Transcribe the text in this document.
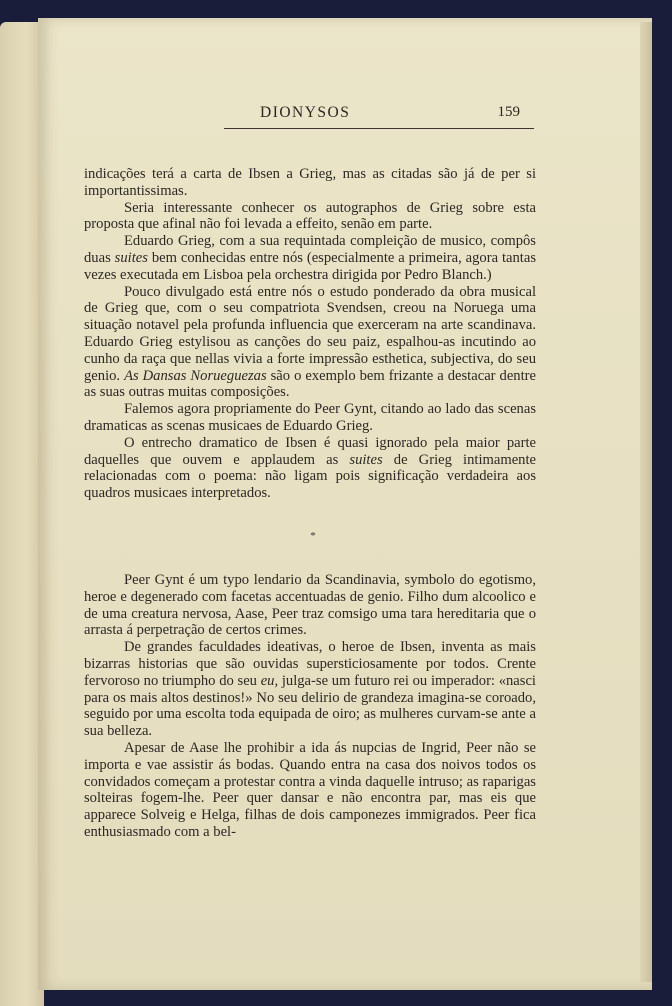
DIONYSOS	159

indicações terá a carta de Ibsen a Grieg, mas as citadas são já de per si importantissimas.

Seria interessante conhecer os autographos de Grieg sobre esta proposta que afinal não foi levada a effeito, senão em parte.

Eduardo Grieg, com a sua requintada compleição de musico, compôs duas suites bem conhecidas entre nós (especialmente a primeira, agora tantas vezes executada em Lisboa pela orchestra dirigida por Pedro Blanch.)

Pouco divulgado está entre nós o estudo ponderado da obra musical de Grieg que, com o seu compatriota Svendsen, creou na Noruega uma situação notavel pela profunda influencia que exerceram na arte scandinava. Eduardo Grieg estylisou as canções do seu paiz, espalhou-as incutindo ao cunho da raça que nellas vivia a forte impressão esthetica, subjectiva, do seu genio. As Dansas Norueguezas são o exemplo bem frizante a destacar dentre as suas outras muitas composições.

Falemos agora propriamente do Peer Gynt, citando ao lado das scenas dramaticas as scenas musicaes de Eduardo Grieg.

O entrecho dramatico de Ibsen é quasi ignorado pela maior parte daquelles que ouvem e applaudem as suites de Grieg intimamente relacionadas com o poema: não ligam pois significação verdadeira aos quadros musicaes interpretados.

*

Peer Gynt é um typo lendario da Scandinavia, symbolo do egotismo, heroe e degenerado com facetas accentuadas de genio. Filho dum alcoolico e de uma creatura nervosa, Aase, Peer traz comsigo uma tara hereditaria que o arrasta á perpetração de certos crimes.

De grandes faculdades ideativas, o heroe de Ibsen, inventa as mais bizarras historias que são ouvidas supersticiosamente por todos. Crente fervoroso no triumpho do seu eu, julga-se um futuro rei ou imperador: «nasci para os mais altos destinos!» No seu delirio de grandeza imagina-se coroado, seguido por uma escolta toda equipada de oiro; as mulheres curvam-se ante a sua belleza.

Apesar de Aase lhe prohibir a ida ás nupcias de Ingrid, Peer não se importa e vae assistir ás bodas. Quando entra na casa dos noivos todos os convidados começam a protestar contra a vinda daquelle intruso; as raparigas solteiras fogem-lhe. Peer quer dansar e não encontra par, mas eis que apparece Solveig e Helga, filhas de dois camponezes immigrados. Peer fica enthusiasmado com a bel-
